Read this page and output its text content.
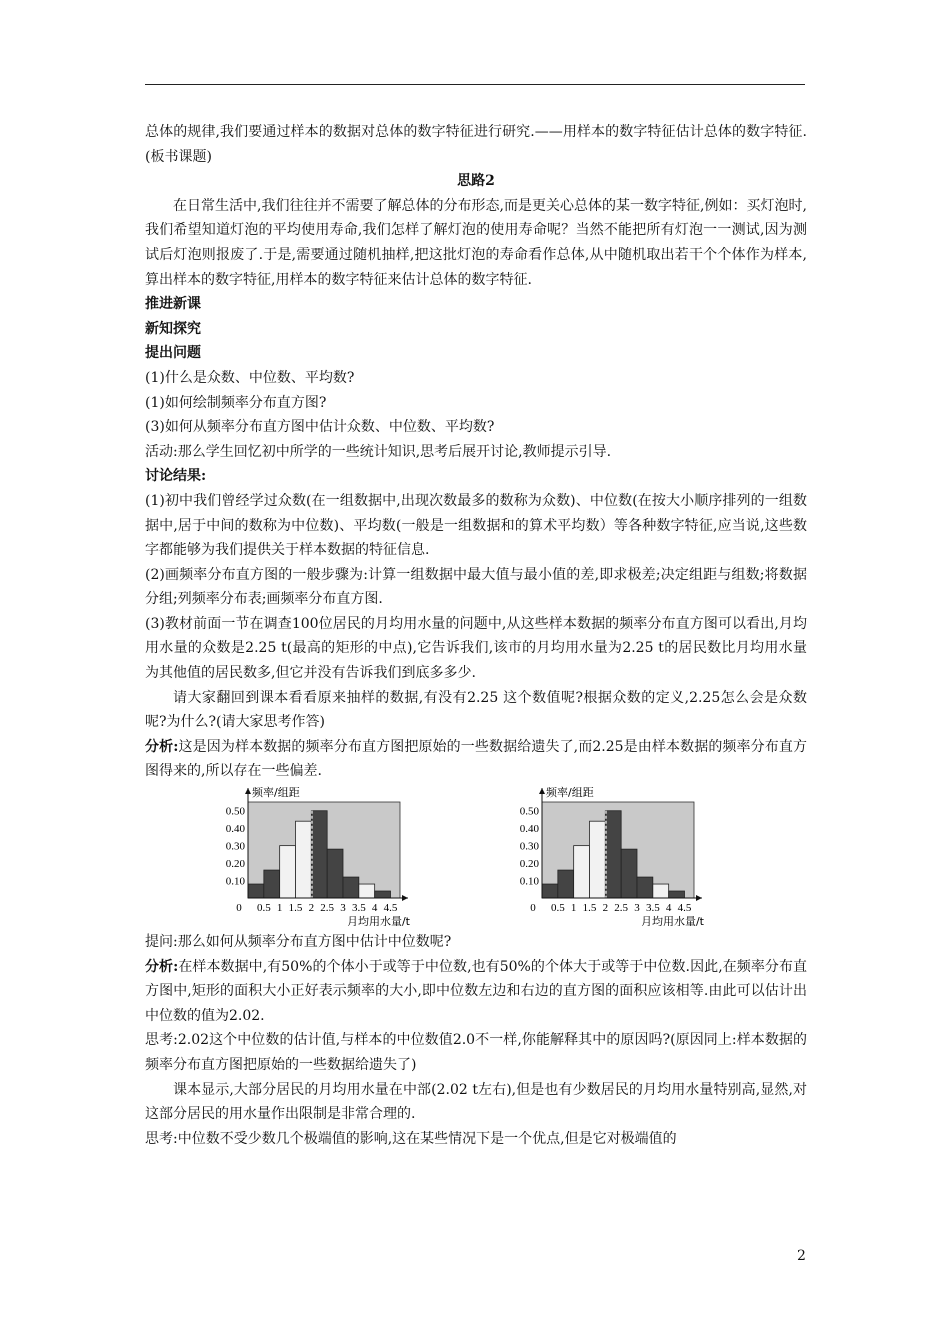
总体的规律,我们要通过样本的数据对总体的数字特征进行研究.——用样本的数字特征估计总体的数字特征.(板书课题)

思路2

在日常生活中,我们往往并不需要了解总体的分布形态,而是更关心总体的某一数字特征,例如：买灯泡时,我们希望知道灯泡的平均使用寿命,我们怎样了解灯泡的使用寿命呢？当然不能把所有灯泡一一测试,因为测试后灯泡则报废了.于是,需要通过随机抽样,把这批灯泡的寿命看作总体,从中随机取出若干个个体作为样本,算出样本的数字特征,用样本的数字特征来估计总体的数字特征.

推进新课

新知探究

提出问题

(1)什么是众数、中位数、平均数?

(1)如何绘制频率分布直方图?

(3)如何从频率分布直方图中估计众数、中位数、平均数?

活动:那么学生回忆初中所学的一些统计知识,思考后展开讨论,教师提示引导.

讨论结果:

(1)初中我们曾经学过众数(在一组数据中,出现次数最多的数称为众数)、中位数(在按大小顺序排列的一组数据中,居于中间的数称为中位数)、平均数(一般是一组数据和的算术平均数）等各种数字特征,应当说,这些数字都能够为我们提供关于样本数据的特征信息.

(2)画频率分布直方图的一般步骤为:计算一组数据中最大值与最小值的差,即求极差;决定组距与组数;将数据分组;列频率分布表;画频率分布直方图.

(3)教材前面一节在调查100位居民的月均用水量的问题中,从这些样本数据的频率分布直方图可以看出,月均用水量的众数是2.25 t(最高的矩形的中点),它告诉我们,该市的月均用水量为2.25 t的居民数比月均用水量为其他值的居民数多,但它并没有告诉我们到底多多少.

请大家翻回到课本看看原来抽样的数据,有没有2.25 这个数值呢?根据众数的定义,2.25怎么会是众数呢?为什么?(请大家思考作答)

分析:这是因为样本数据的频率分布直方图把原始的一些数据给遗失了,而2.25是由样本数据的频率分布直方图得来的,所以存在一些偏差.

0.10
0.20
0.30
0.40
0.50
0 0.5 1 1.5 2 2.5 3 3.5 4 4.5
频率/组距
月均用水量/t
0.10
0.20
0.30
0.40
0.50
0 0.5 1 1.5 2 2.5 3 3.5 4 4.5
频率/组距
月均用水量/t

提问:那么如何从频率分布直方图中估计中位数呢?

分析:在样本数据中,有50%的个体小于或等于中位数,也有50%的个体大于或等于中位数.因此,在频率分布直方图中,矩形的面积大小正好表示频率的大小,即中位数左边和右边的直方图的面积应该相等.由此可以估计出中位数的值为2.02.

思考:2.02这个中位数的估计值,与样本的中位数值2.0不一样,你能解释其中的原因吗?(原因同上:样本数据的频率分布直方图把原始的一些数据给遗失了)

课本显示,大部分居民的月均用水量在中部(2.02 t左右),但是也有少数居民的月均用水量特别高,显然,对这部分居民的用水量作出限制是非常合理的.

思考:中位数不受少数几个极端值的影响,这在某些情况下是一个优点,但是它对极端值的

2
